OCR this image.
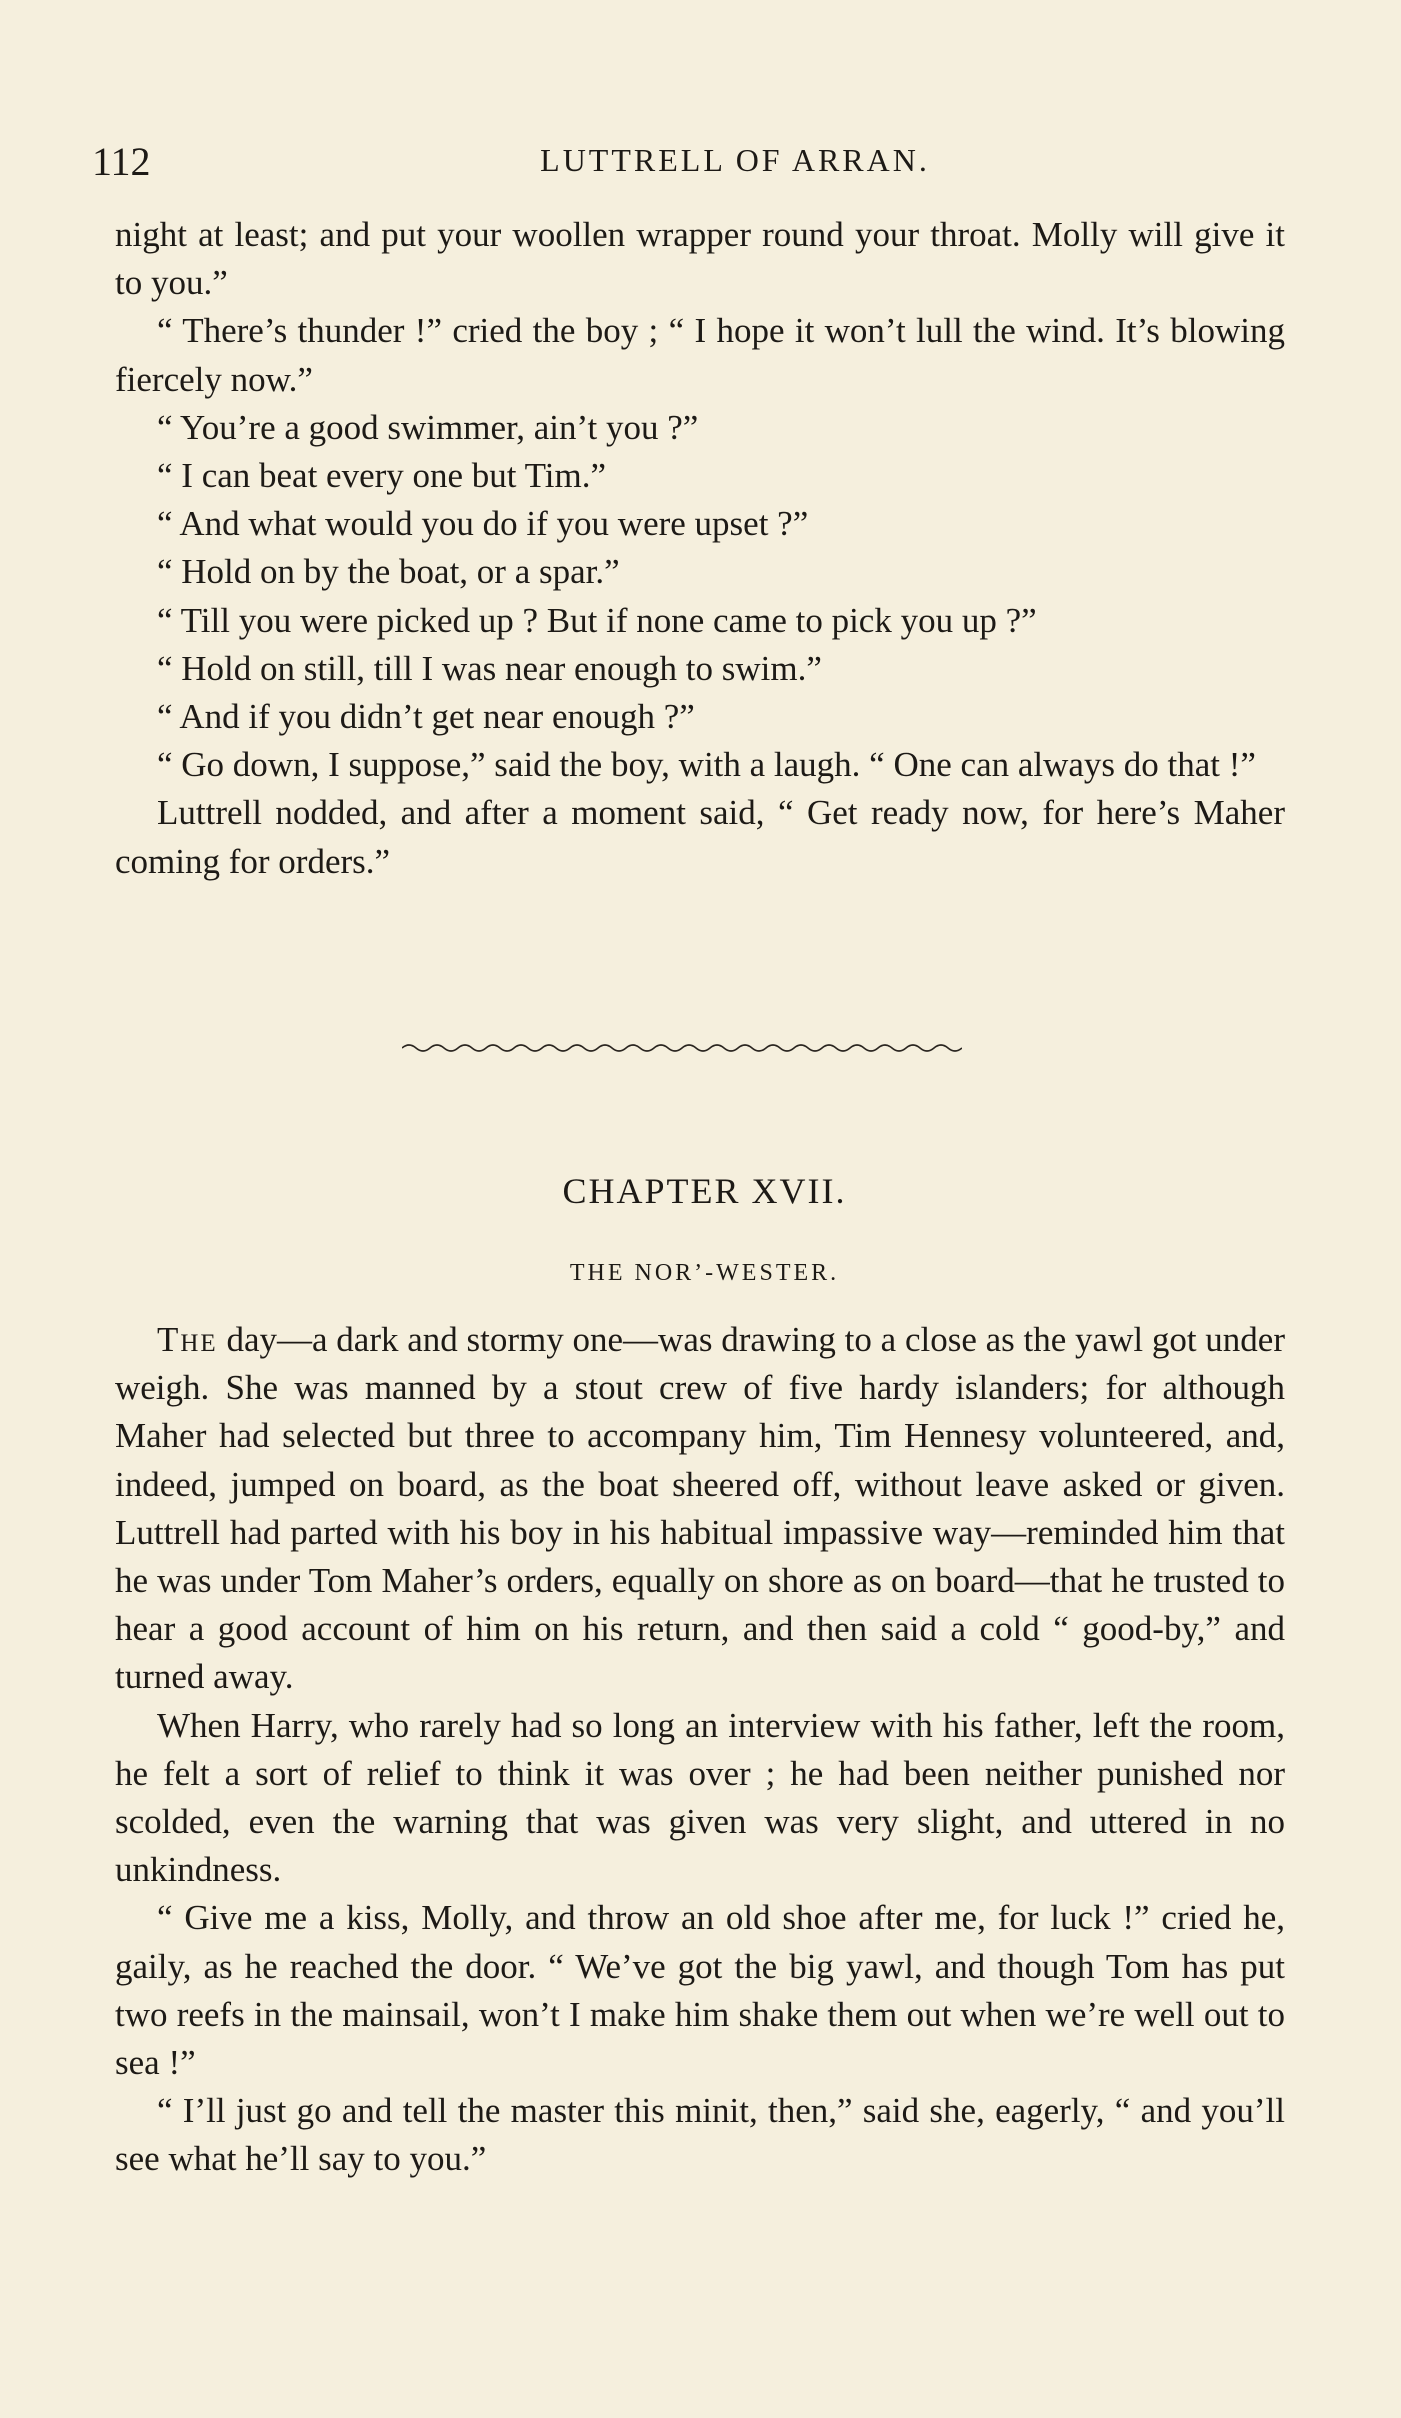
112	LUTTRELL OF ARRAN.

night at least; and put your woollen wrapper round your throat. Molly will give it to you.”

“ There’s thunder !” cried the boy ; “ I hope it won’t lull the wind. It’s blowing fiercely now.”

“ You’re a good swimmer, ain’t you ?”

“ I can beat every one but Tim.”

“ And what would you do if you were upset ?”

“ Hold on by the boat, or a spar.”

“ Till you were picked up ? But if none came to pick you up ?”

“ Hold on still, till I was near enough to swim.”

“ And if you didn’t get near enough ?”

“ Go down, I suppose,” said the boy, with a laugh. “ One can always do that !”

Luttrell nodded, and after a moment said, “ Get ready now, for here’s Maher coming for orders.”

CHAPTER XVII.
THE NOR’-WESTER.

The day—a dark and stormy one—was drawing to a close as the yawl got under weigh. She was manned by a stout crew of five hardy islanders; for although Maher had selected but three to accompany him, Tim Hennesy volunteered, and, indeed, jumped on board, as the boat sheered off, without leave asked or given. Luttrell had parted with his boy in his habitual impassive way—reminded him that he was under Tom Maher’s orders, equally on shore as on board—that he trusted to hear a good account of him on his return, and then said a cold “ good-by,” and turned away.

When Harry, who rarely had so long an interview with his father, left the room, he felt a sort of relief to think it was over ; he had been neither punished nor scolded, even the warning that was given was very slight, and uttered in no unkindness.

“ Give me a kiss, Molly, and throw an old shoe after me, for luck !” cried he, gaily, as he reached the door. “ We’ve got the big yawl, and though Tom has put two reefs in the mainsail, won’t I make him shake them out when we’re well out to sea !”

“ I’ll just go and tell the master this minit, then,” said she, eagerly, “ and you’ll see what he’ll say to you.”
